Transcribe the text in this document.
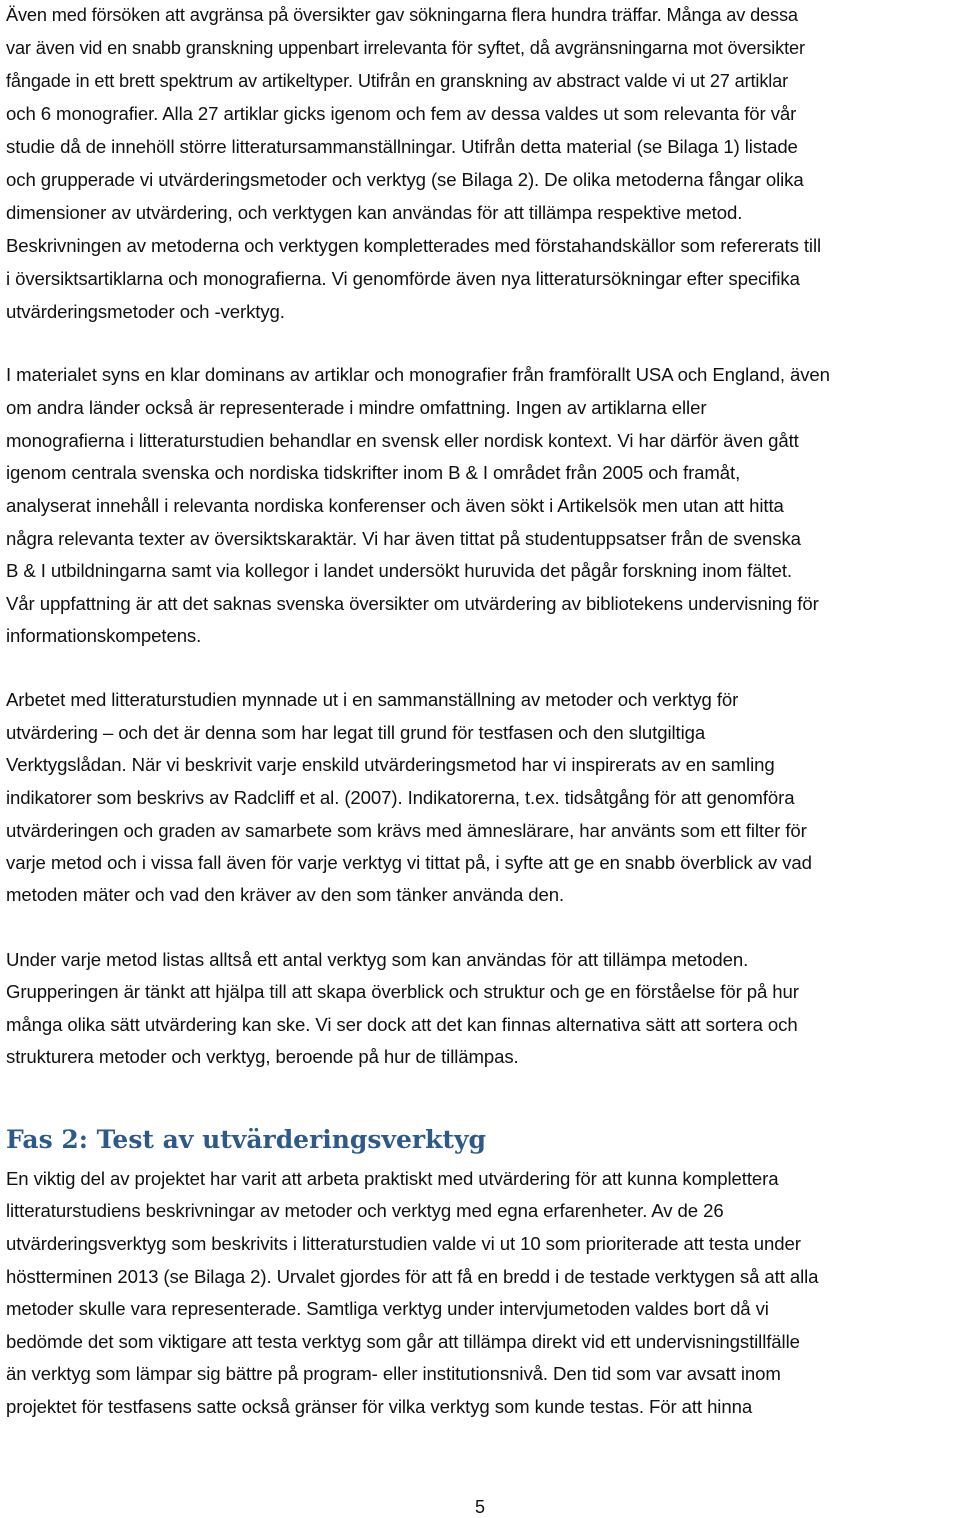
Även med försöken att avgränsa på översikter gav sökningarna flera hundra träffar. Många av dessa
var även vid en snabb granskning uppenbart irrelevanta för syftet, då avgränsningarna mot översikter
fångade in ett brett spektrum av artikeltyper. Utifrån en granskning av abstract valde vi ut 27 artiklar
och 6 monografier. Alla 27 artiklar gicks igenom och fem av dessa valdes ut som relevanta för vår
studie då de innehöll större litteratursammanställningar. Utifrån detta material (se Bilaga 1) listade
och grupperade vi utvärderingsmetoder och verktyg (se Bilaga 2). De olika metoderna fångar olika
dimensioner av utvärdering, och verktygen kan användas för att tillämpa respektive metod.
Beskrivningen av metoderna och verktygen kompletterades med förstahandskällor som refererats till
i översiktsartiklarna och monografierna. Vi genomförde även nya litteratursökningar efter specifika
utvärderingsmetoder och -verktyg.
I materialet syns en klar dominans av artiklar och monografier från framförallt USA och England, även
om andra länder också är representerade i mindre omfattning. Ingen av artiklarna eller
monografierna i litteraturstudien behandlar en svensk eller nordisk kontext. Vi har därför även gått
igenom centrala svenska och nordiska tidskrifter inom B & I området från 2005 och framåt,
analyserat innehåll i relevanta nordiska konferenser och även sökt i Artikelsök men utan att hitta
några relevanta texter av översiktskaraktär. Vi har även tittat på studentuppsatser från de svenska
B & I utbildningarna samt via kollegor i landet undersökt huruvida det pågår forskning inom fältet.
Vår uppfattning är att det saknas svenska översikter om utvärdering av bibliotekens undervisning för
informationskompetens.
Arbetet med litteraturstudien mynnade ut i en sammanställning av metoder och verktyg för
utvärdering – och det är denna som har legat till grund för testfasen och den slutgiltiga
Verktygslådan. När vi beskrivit varje enskild utvärderingsmetod har vi inspirerats av en samling
indikatorer som beskrivs av Radcliff et al. (2007). Indikatorerna, t.ex. tidsåtgång för att genomföra
utvärderingen och graden av samarbete som krävs med ämneslärare, har använts som ett filter för
varje metod och i vissa fall även för varje verktyg vi tittat på, i syfte att ge en snabb överblick av vad
metoden mäter och vad den kräver av den som tänker använda den.
Under varje metod listas alltså ett antal verktyg som kan användas för att tillämpa metoden.
Grupperingen är tänkt att hjälpa till att skapa överblick och struktur och ge en förståelse för på hur
många olika sätt utvärdering kan ske. Vi ser dock att det kan finnas alternativa sätt att sortera och
strukturera metoder och verktyg, beroende på hur de tillämpas.
Fas 2: Test av utvärderingsverktyg
En viktig del av projektet har varit att arbeta praktiskt med utvärdering för att kunna komplettera
litteraturstudiens beskrivningar av metoder och verktyg med egna erfarenheter. Av de 26
utvärderingsverktyg som beskrivits i litteraturstudien valde vi ut 10 som prioriterade att testa under
höstterminen 2013 (se Bilaga 2). Urvalet gjordes för att få en bredd i de testade verktygen så att alla
metoder skulle vara representerade. Samtliga verktyg under intervjumetoden valdes bort då vi
bedömde det som viktigare att testa verktyg som går att tillämpa direkt vid ett undervisningstillfälle
än verktyg som lämpar sig bättre på program- eller institutionsnivå. Den tid som var avsatt inom
projektet för testfasens satte också gränser för vilka verktyg som kunde testas. För att hinna
5
